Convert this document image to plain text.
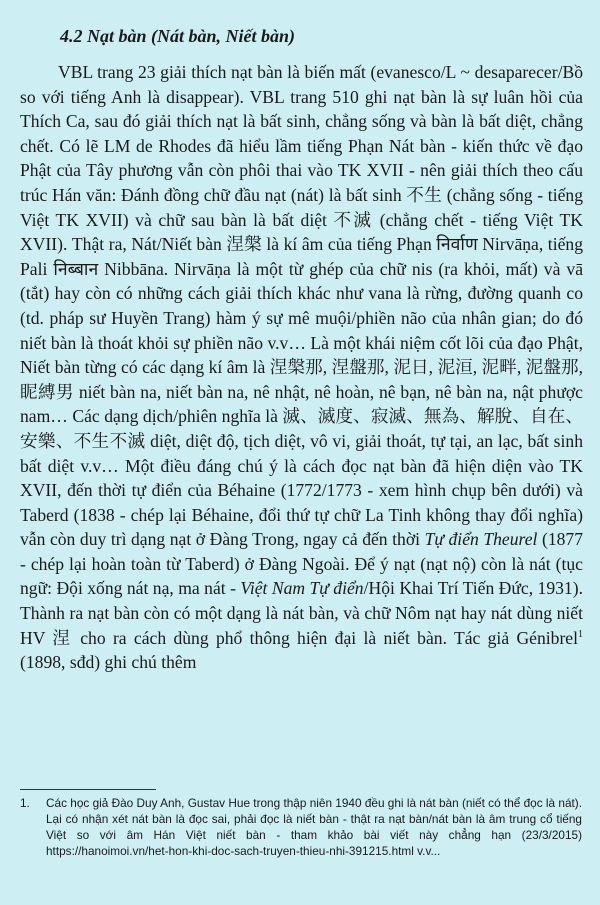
4.2 Nạt bàn (Nát bàn, Niết bàn)

VBL trang 23 giải thích nạt bàn là biến mất (evanesco/L ~ desaparecer/Bồ so với tiếng Anh là disappear). VBL trang 510 ghi nạt bàn là sự luân hồi của Thích Ca, sau đó giải thích nạt là bất sinh, chẳng sống và bàn là bất diệt, chẳng chết. Có lẽ LM de Rhodes đã hiểu lầm tiếng Phạn Nát bàn - kiến thức về đạo Phật của Tây phương vẫn còn phôi thai vào TK XVII - nên giải thích theo cấu trúc Hán văn: Đánh đồng chữ đầu nạt (nát) là bất sinh 不生 (chẳng sống - tiếng Việt TK XVII) và chữ sau bàn là bất diệt 不滅 (chẳng chết - tiếng Việt TK XVII). Thật ra, Nát/Niết bàn 涅槃 là kí âm của tiếng Phạn निर्वाण Nirvāṇa, tiếng Pali निब्बान Nibbāna. Nirvāṇa là một từ ghép của chữ nis (ra khỏi, mất) và vā (tắt) hay còn có những cách giải thích khác như vana là rừng, đường quanh co (td. pháp sư Huyền Trang) hàm ý sự mê muội/phiền não của nhân gian; do đó niết bàn là thoát khỏi sự phiền não v.v… Là một khái niệm cốt lõi của đạo Phật, Niết bàn từng có các dạng kí âm là 涅槃那, 涅盤那, 泥日, 泥洹, 泥畔, 泥盤那, 眤縛男 niết bàn na, niết bàn na, nê nhật, nê hoàn, nê bạn, nê bàn na, nật phược nam… Các dạng dịch/phiên nghĩa là 滅、滅度、寂滅、無為、解脫、自在、安樂、不生不滅 diệt, diệt độ, tịch diệt, vô vi, giải thoát, tự tại, an lạc, bất sinh bất diệt v.v… Một điều đáng chú ý là cách đọc nạt bàn đã hiện diện vào TK XVII, đến thời tự điển của Béhaine (1772/1773 - xem hình chụp bên dưới) và Taberd (1838 - chép lại Béhaine, đổi thứ tự chữ La Tinh không thay đổi nghĩa) vẫn còn duy trì dạng nạt ở Đàng Trong, ngay cả đến thời Tự điển Theurel (1877 - chép lại hoàn toàn từ Taberd) ở Đàng Ngoài. Để ý nạt (nạt nộ) còn là nát (tục ngữ: Đội xống nát nạ, ma nát - Việt Nam Tự điển/Hội Khai Trí Tiến Đức, 1931). Thành ra nạt bàn còn có một dạng là nát bàn, và chữ Nôm nạt hay nát dùng niết HV 涅 cho ra cách dùng phổ thông hiện đại là niết bàn. Tác giả Génibrel$^1$ (1898, sđd) ghi chú thêm

1.	Các học giả Đào Duy Anh, Gustav Hue trong thập niên 1940 đều ghi là nát bàn (niết có thể đọc là nát). Lại có nhận xét nát bàn là đọc sai, phải đọc là niết bàn - thật ra nạt bàn/nát bàn là âm trung cổ tiếng Việt so với âm Hán Việt niết bàn - tham khảo bài viết này chẳng hạn (23/3/2015) https://hanoimoi.vn/het-hon-khi-doc-sach-truyen-thieu-nhi-391215.html v.v...
